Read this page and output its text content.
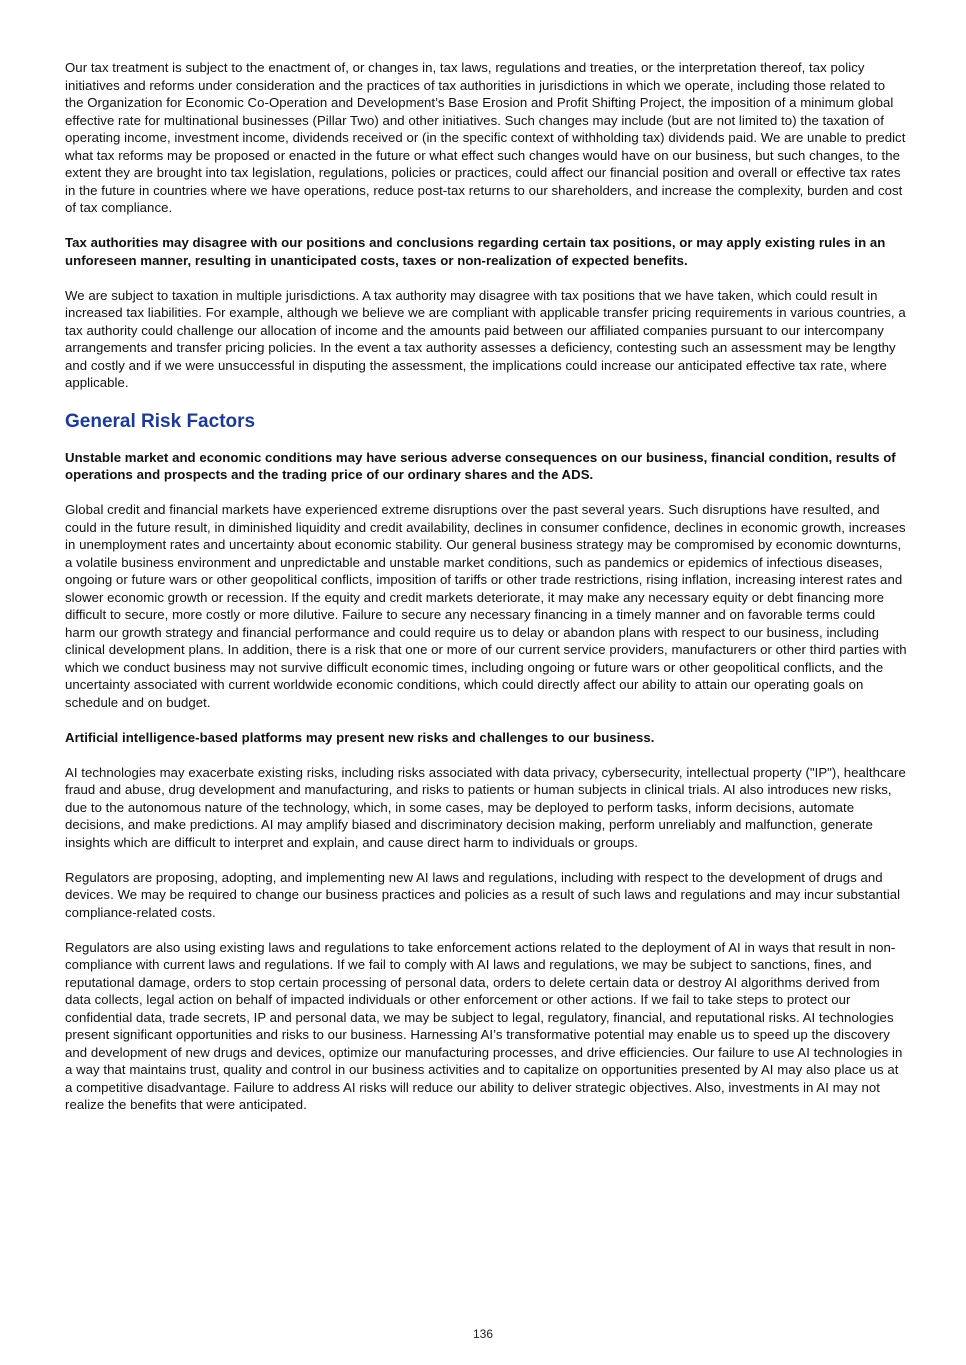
Our tax treatment is subject to the enactment of, or changes in, tax laws, regulations and treaties, or the interpretation thereof, tax policy initiatives and reforms under consideration and the practices of tax authorities in jurisdictions in which we operate, including those related to the Organization for Economic Co-Operation and Development’s Base Erosion and Profit Shifting Project, the imposition of a minimum global effective rate for multinational businesses (Pillar Two) and other initiatives. Such changes may include (but are not limited to) the taxation of operating income, investment income, dividends received or (in the specific context of withholding tax) dividends paid. We are unable to predict what tax reforms may be proposed or enacted in the future or what effect such changes would have on our business, but such changes, to the extent they are brought into tax legislation, regulations, policies or practices, could affect our financial position and overall or effective tax rates in the future in countries where we have operations, reduce post-tax returns to our shareholders, and increase the complexity, burden and cost of tax compliance.

Tax authorities may disagree with our positions and conclusions regarding certain tax positions, or may apply existing rules in an unforeseen manner, resulting in unanticipated costs, taxes or non-realization of expected benefits.

We are subject to taxation in multiple jurisdictions. A tax authority may disagree with tax positions that we have taken, which could result in increased tax liabilities. For example, although we believe we are compliant with applicable transfer pricing requirements in various countries, a tax authority could challenge our allocation of income and the amounts paid between our affiliated companies pursuant to our intercompany arrangements and transfer pricing policies. In the event a tax authority assesses a deficiency, contesting such an assessment may be lengthy and costly and if we were unsuccessful in disputing the assessment, the implications could increase our anticipated effective tax rate, where applicable.

General Risk Factors

Unstable market and economic conditions may have serious adverse consequences on our business, financial condition, results of operations and prospects and the trading price of our ordinary shares and the ADS.

Global credit and financial markets have experienced extreme disruptions over the past several years. Such disruptions have resulted, and could in the future result, in diminished liquidity and credit availability, declines in consumer confidence, declines in economic growth, increases in unemployment rates and uncertainty about economic stability. Our general business strategy may be compromised by economic downturns, a volatile business environment and unpredictable and unstable market conditions, such as pandemics or epidemics of infectious diseases, ongoing or future wars or other geopolitical conflicts, imposition of tariffs or other trade restrictions, rising inflation, increasing interest rates and slower economic growth or recession. If the equity and credit markets deteriorate, it may make any necessary equity or debt financing more difficult to secure, more costly or more dilutive. Failure to secure any necessary financing in a timely manner and on favorable terms could harm our growth strategy and financial performance and could require us to delay or abandon plans with respect to our business, including clinical development plans. In addition, there is a risk that one or more of our current service providers, manufacturers or other third parties with which we conduct business may not survive difficult economic times, including ongoing or future wars or other geopolitical conflicts, and the uncertainty associated with current worldwide economic conditions, which could directly affect our ability to attain our operating goals on schedule and on budget.

Artificial intelligence-based platforms may present new risks and challenges to our business.

AI technologies may exacerbate existing risks, including risks associated with data privacy, cybersecurity, intellectual property ("IP"), healthcare fraud and abuse, drug development and manufacturing, and risks to patients or human subjects in clinical trials. AI also introduces new risks, due to the autonomous nature of the technology, which, in some cases, may be deployed to perform tasks, inform decisions, automate decisions, and make predictions. AI may amplify biased and discriminatory decision making, perform unreliably and malfunction, generate insights which are difficult to interpret and explain, and cause direct harm to individuals or groups.

Regulators are proposing, adopting, and implementing new AI laws and regulations, including with respect to the development of drugs and devices. We may be required to change our business practices and policies as a result of such laws and regulations and may incur substantial compliance-related costs.

Regulators are also using existing laws and regulations to take enforcement actions related to the deployment of AI in ways that result in non-compliance with current laws and regulations. If we fail to comply with AI laws and regulations, we may be subject to sanctions, fines, and reputational damage, orders to stop certain processing of personal data, orders to delete certain data or destroy AI algorithms derived from data collects, legal action on behalf of impacted individuals or other enforcement or other actions. If we fail to take steps to protect our confidential data, trade secrets, IP and personal data, we may be subject to legal, regulatory, financial, and reputational risks. AI technologies present significant opportunities and risks to our business. Harnessing AI’s transformative potential may enable us to speed up the discovery and development of new drugs and devices, optimize our manufacturing processes, and drive efficiencies. Our failure to use AI technologies in a way that maintains trust, quality and control in our business activities and to capitalize on opportunities presented by AI may also place us at a competitive disadvantage. Failure to address AI risks will reduce our ability to deliver strategic objectives. Also, investments in AI may not realize the benefits that were anticipated.

136
